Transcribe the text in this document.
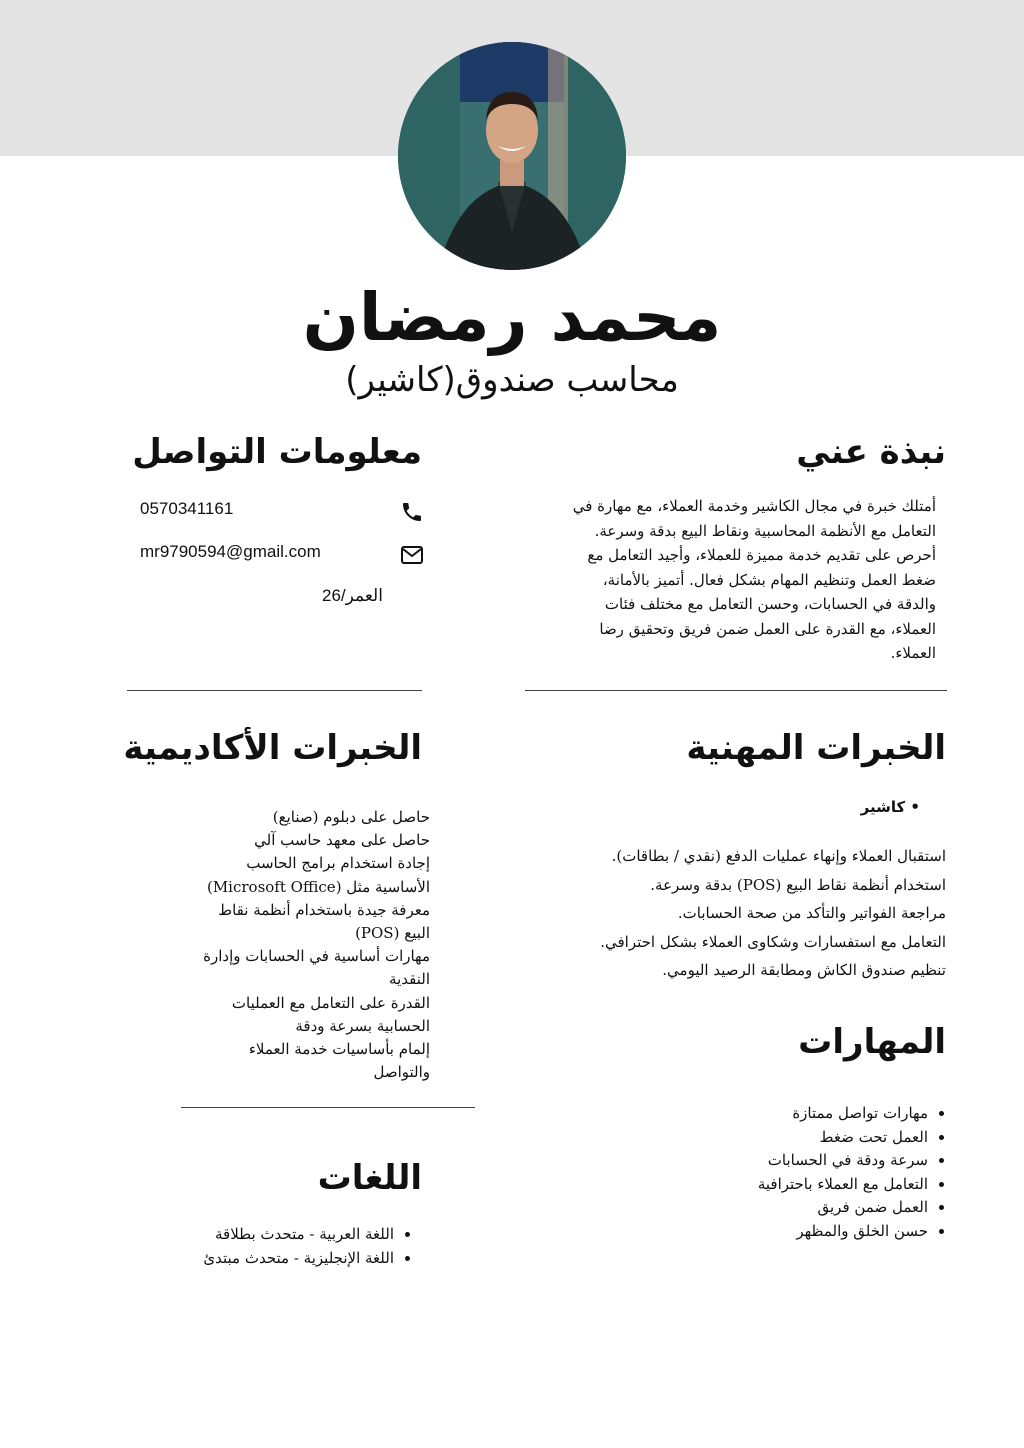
محمد رمضان
محاسب صندوق(كاشير)
نبذة عني
أمتلك خبرة في مجال الكاشير وخدمة العملاء، مع مهارة في
التعامل مع الأنظمة المحاسبية ونقاط البيع بدقة وسرعة.
أحرص على تقديم خدمة مميزة للعملاء، وأجيد التعامل مع
ضغط العمل وتنظيم المهام بشكل فعال. أتميز بالأمانة،
والدقة في الحسابات، وحسن التعامل مع مختلف فئات
العملاء، مع القدرة على العمل ضمن فريق وتحقيق رضا
العملاء.
معلومات التواصل
0570341161
mr9790594@gmail.com
العمر/26
الخبرات المهنية
• كاشير
استقبال العملاء وإنهاء عمليات الدفع (نقدي / بطاقات).
استخدام أنظمة نقاط البيع (POS) بدقة وسرعة.
مراجعة الفواتير والتأكد من صحة الحسابات.
التعامل مع استفسارات وشكاوى العملاء بشكل احترافي.
تنظيم صندوق الكاش ومطابقة الرصيد اليومي.
الخبرات الأكاديمية
حاصل على دبلوم (صنايع)
حاصل على معهد حاسب آلي
إجادة استخدام برامج الحاسب
الأساسية مثل (Microsoft Office)
معرفة جيدة باستخدام أنظمة نقاط
البيع (POS)
مهارات أساسية في الحسابات وإدارة
النقدية
القدرة على التعامل مع العمليات
الحسابية بسرعة ودقة
إلمام بأساسيات خدمة العملاء
والتواصل
المهارات
• مهارات تواصل ممتازة
• العمل تحت ضغط
• سرعة ودقة في الحسابات
• التعامل مع العملاء باحترافية
• العمل ضمن فريق
• حسن الخلق والمظهر
اللغات
• اللغة العربية - متحدث بطلاقة
• اللغة الإنجليزية - متحدث مبتدئ
